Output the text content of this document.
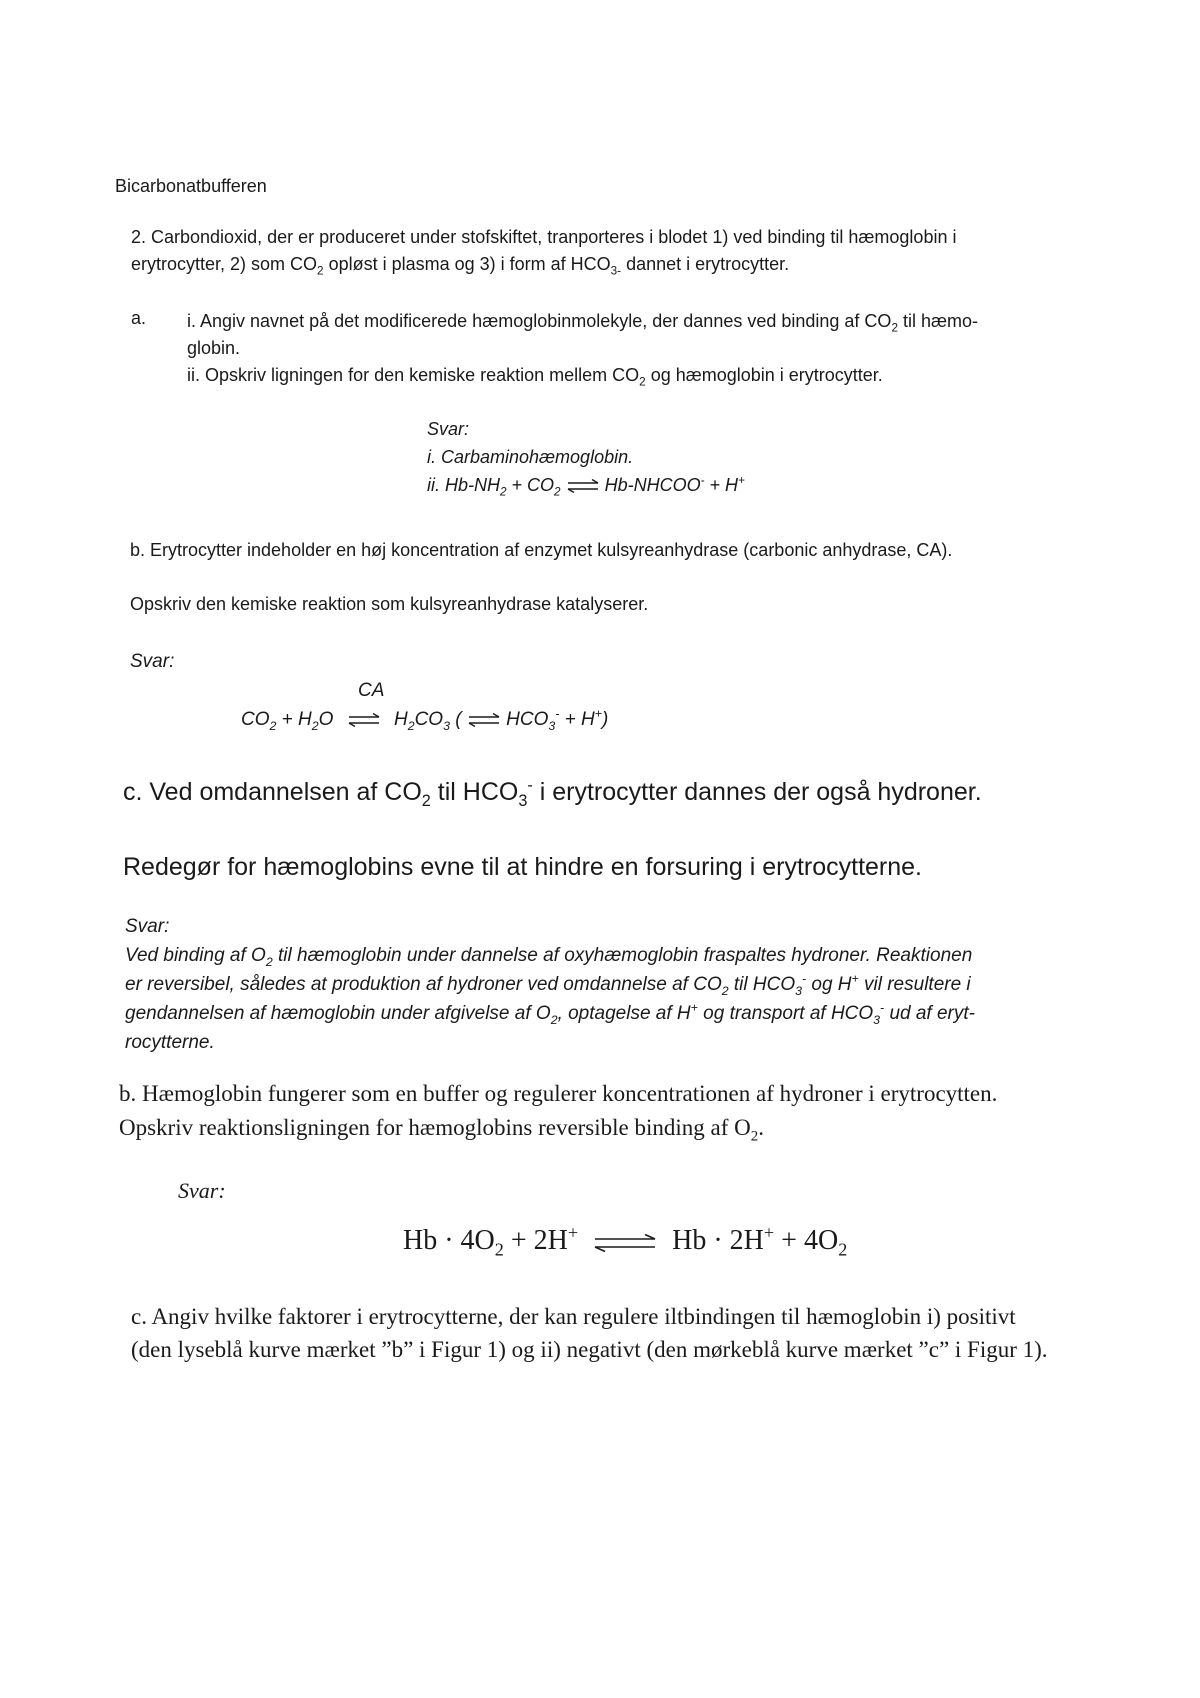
Bicarbonatbufferen
2. Carbondioxid, der er produceret under stofskiftet, tranporteres i blodet 1) ved binding til hæmoglobin i
erytrocytter, 2) som $CO_2$ opløst i plasma og 3) i form af $HCO_{3-}$ dannet i erytrocytter.
a. i. Angiv navnet på det modificerede hæmoglobinmolekyle, der dannes ved binding af $CO_2$ til hæmo-
globin.
ii. Opskriv ligningen for den kemiske reaktion mellem $CO_2$ og hæmoglobin i erytrocytter.
Svar:
i. Carbaminohæmoglobin.
ii. $Hb-NH_2 + CO_2$ ⇌ Hb-NHCOO- + H+
b. Erytrocytter indeholder en høj koncentration af enzymet kulsyreanhydrase (carbonic anhydrase, CA).
Opskriv den kemiske reaktion som kulsyreanhydrase katalyserer.
Svar:
CA
$CO_2 + H_2O$ ⇌ $H_2CO_3$ ( ⇌ $HCO_3^- + H^+$)
c. Ved omdannelsen af $CO_2$ til $HCO_3^-$ i erytrocytter dannes der også hydroner.
Redegør for hæmoglobins evne til at hindre en forsuring i erytrocytterne.
Svar:
Ved binding af $O_2$ til hæmoglobin under dannelse af oxyhæmoglobin fraspaltes hydroner. Reaktionen
er reversibel, således at produktion af hydroner ved omdannelse af $CO_2$ til $HCO_3^-$ og H+ vil resultere i
gendannelsen af hæmoglobin under afgivelse af $O_2$, optagelse af H+ og transport af $HCO_3^-$ ud af eryt-
rocytterne.
b. Hæmoglobin fungerer som en buffer og regulerer koncentrationen af hydroner i erytrocytten.
Opskriv reaktionsligningen for hæmoglobins reversible binding af $O_2$.
Svar:
$Hb \cdot 4O_2 + 2H^+$ ⇌ $Hb \cdot 2H^+ + 4O_2$
c. Angiv hvilke faktorer i erytrocytterne, der kan regulere iltbindingen til hæmoglobin i) positivt
(den lyseblå kurve mærket ”b” i Figur 1) og ii) negativt (den mørkeblå kurve mærket ”c” i Figur 1).
